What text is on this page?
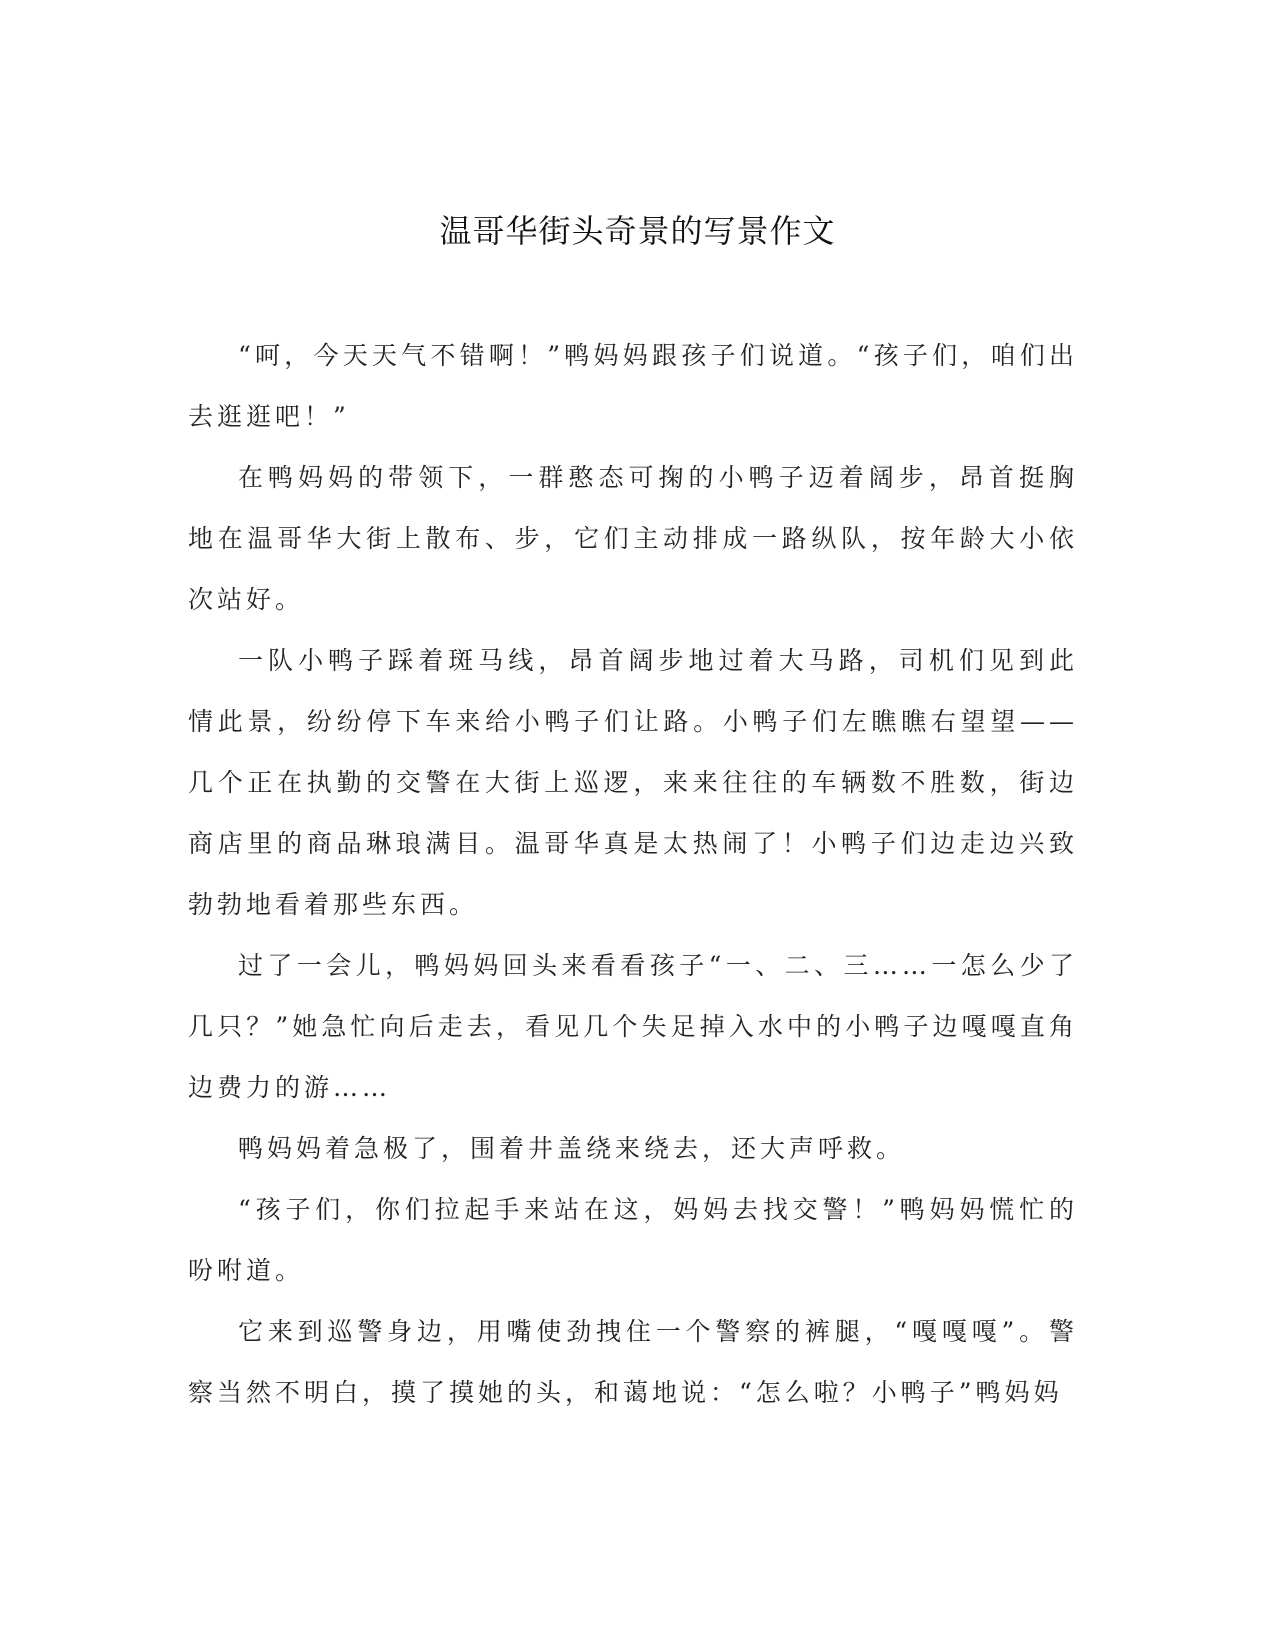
温哥华街头奇景的写景作文

“呵，今天天气不错啊！”鸭妈妈跟孩子们说道。“孩子们，咱们出去逛逛吧！”

在鸭妈妈的带领下，一群憨态可掬的小鸭子迈着阔步，昂首挺胸地在温哥华大街上散布、步，它们主动排成一路纵队，按年龄大小依次站好。

一队小鸭子踩着斑马线，昂首阔步地过着大马路，司机们见到此情此景，纷纷停下车来给小鸭子们让路。小鸭子们左瞧瞧右望望——几个正在执勤的交警在大街上巡逻，来来往往的车辆数不胜数，街边商店里的商品琳琅满目。温哥华真是太热闹了！小鸭子们边走边兴致勃勃地看着那些东西。

过了一会儿，鸭妈妈回头来看看孩子“一、二、三……一怎么少了几只？”她急忙向后走去，看见几个失足掉入水中的小鸭子边嘎嘎直角边费力的游……

鸭妈妈着急极了，围着井盖绕来绕去，还大声呼救。

“孩子们，你们拉起手来站在这，妈妈去找交警！”鸭妈妈慌忙的吩咐道。

它来到巡警身边，用嘴使劲拽住一个警察的裤腿，“嘎嘎嘎”。警察当然不明白，摸了摸她的头，和蔼地说：“怎么啦？小鸭子”鸭妈妈
